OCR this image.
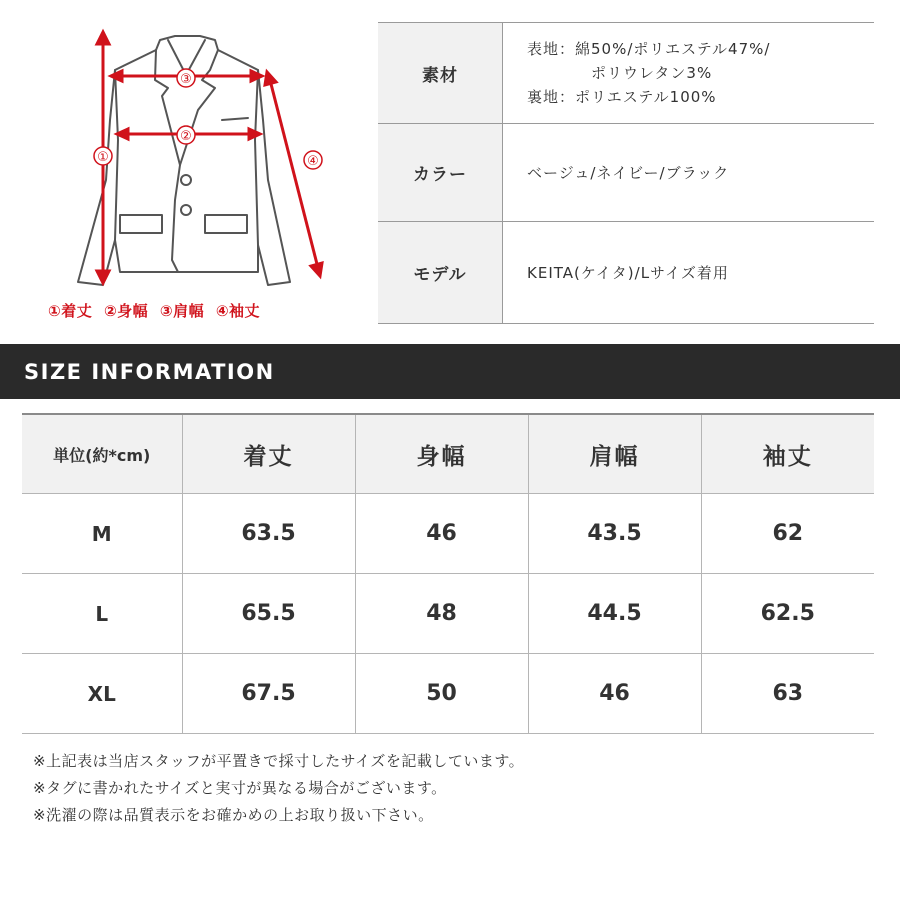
③
②
①	④
①着丈 ②身幅 ③肩幅 ④袖丈
素材	表地：綿50%/ポリエステル47%/
ポリウレタン3%
裏地：ポリエステル100%

カラー	ベージュ/ネイビー/ブラック
モデル	KEITA(ケイタ)/Lサイズ着用
SIZE INFORMATION
単位(約*cm)	着丈	身幅	肩幅	袖丈
M	63.5	46	43.5	62
L	65.5	48	44.5	62.5
XL	67.5	50	46	63
※上記表は当店スタッフが平置きで採寸したサイズを記載しています。
※タグに書かれたサイズと実寸が異なる場合がございます。
※洗濯の際は品質表示をお確かめの上お取り扱い下さい。
